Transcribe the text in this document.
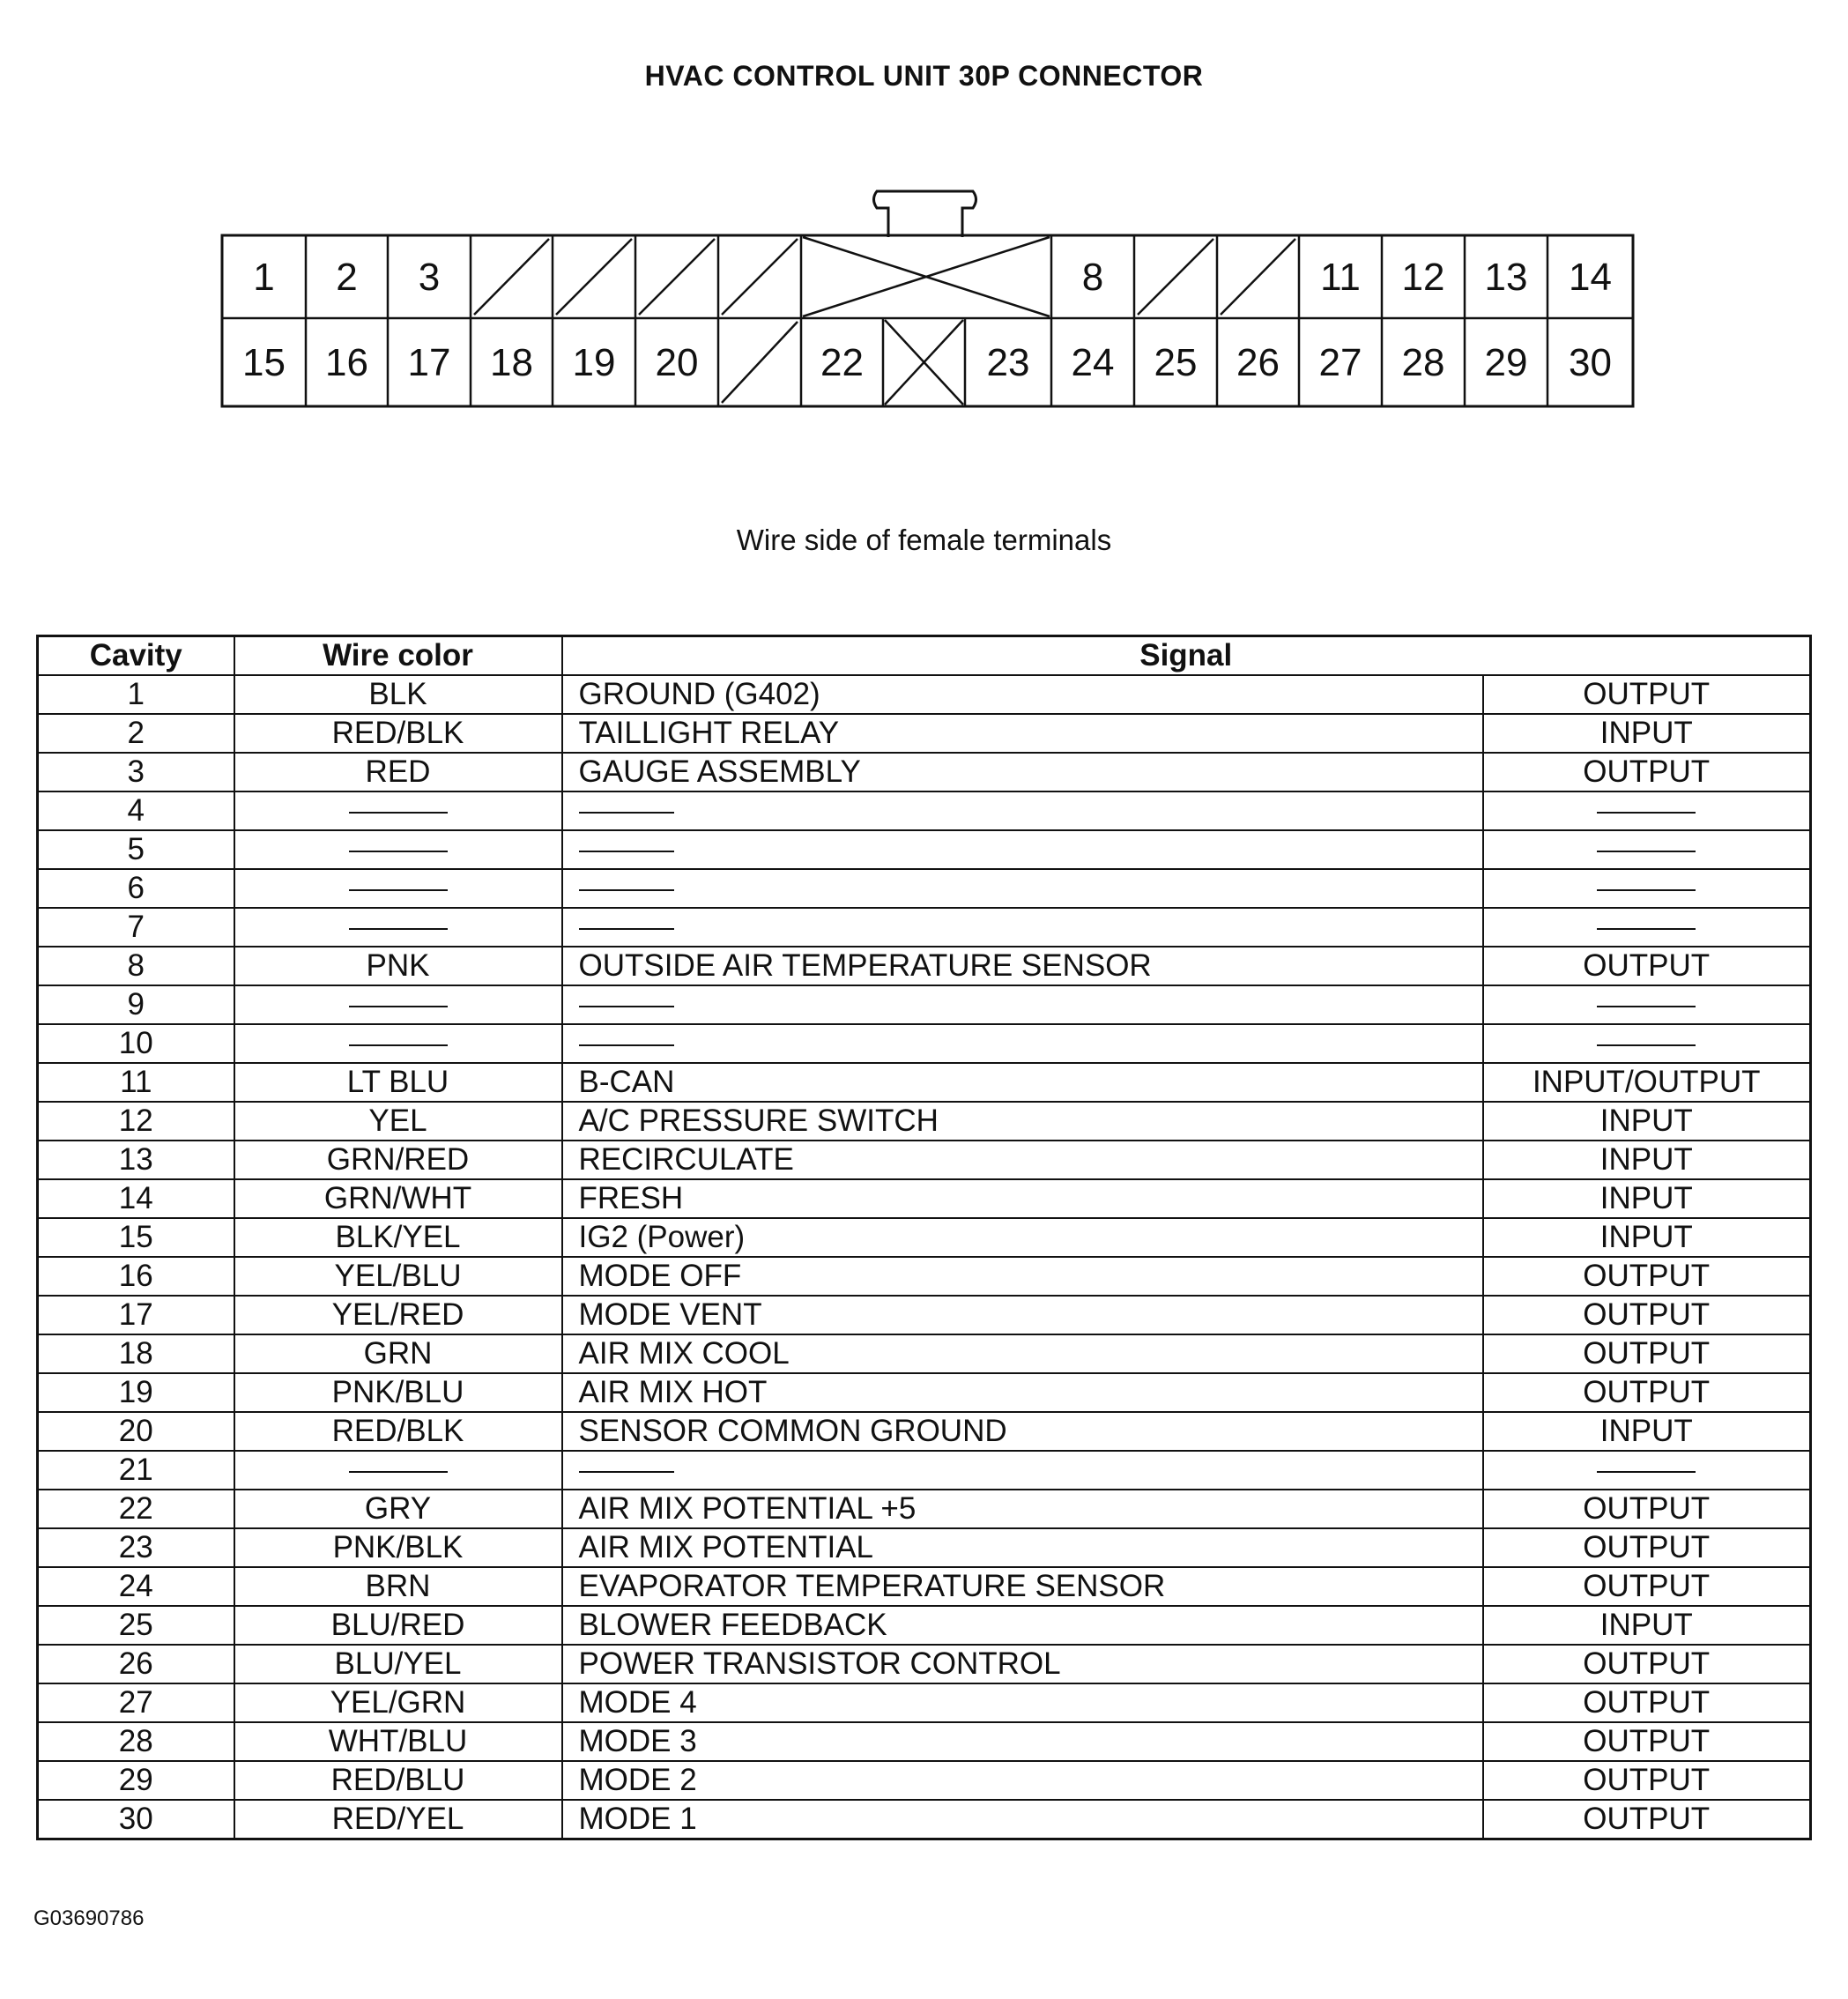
HVAC CONTROL UNIT 30P CONNECTOR
1 2 3	8	11 12 13 14
15 16 17 18 19 20	22	23 24 25 26 27 28 29 30
Wire side of female terminals
Cavity	Wire color	Signal	
1	BLK	GROUND (G402)	OUTPUT
2	RED/BLK	TAILLIGHT RELAY	INPUT
3	RED	GAUGE ASSEMBLY	OUTPUT
4			
5			
6			
7			
8	PNK	OUTSIDE AIR TEMPERATURE SENSOR	OUTPUT
9			
10			
11	LT BLU	B-CAN	INPUT/OUTPUT
12	YEL	A/C PRESSURE SWITCH	INPUT
13	GRN/RED	RECIRCULATE	INPUT
14	GRN/WHT	FRESH	INPUT
15	BLK/YEL	IG2 (Power)	INPUT
16	YEL/BLU	MODE OFF	OUTPUT
17	YEL/RED	MODE VENT	OUTPUT
18	GRN	AIR MIX COOL	OUTPUT
19	PNK/BLU	AIR MIX HOT	OUTPUT
20	RED/BLK	SENSOR COMMON GROUND	INPUT
21			
22	GRY	AIR MIX POTENTIAL +5	OUTPUT
23	PNK/BLK	AIR MIX POTENTIAL	OUTPUT
24	BRN	EVAPORATOR TEMPERATURE SENSOR	OUTPUT
25	BLU/RED	BLOWER FEEDBACK	INPUT
26	BLU/YEL	POWER TRANSISTOR CONTROL	OUTPUT
27	YEL/GRN	MODE 4	OUTPUT
28	WHT/BLU	MODE 3	OUTPUT
29	RED/BLU	MODE 2	OUTPUT
30	RED/YEL	MODE 1	OUTPUT
G03690786
